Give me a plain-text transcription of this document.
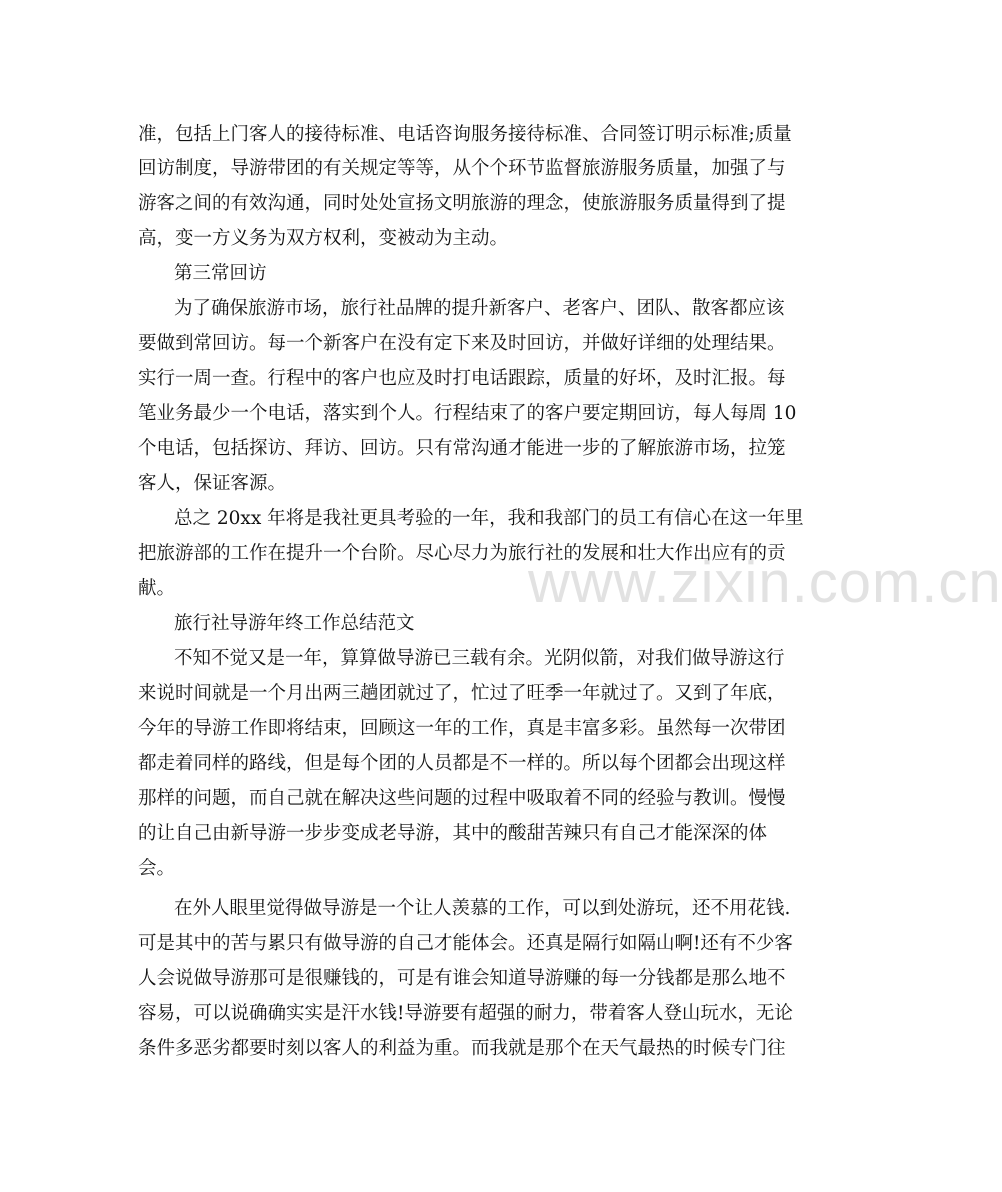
www.zixin.com.cn
准，包括上门客人的接待标准、电话咨询服务接待标准、合同签订明示标准;质量
回访制度，导游带团的有关规定等等，从个个环节监督旅游服务质量，加强了与
游客之间的有效沟通，同时处处宣扬文明旅游的理念，使旅游服务质量得到了提
高，变一方义务为双方权利，变被动为主动。
第三常回访
为了确保旅游市场，旅行社品牌的提升新客户、老客户、团队、散客都应该
要做到常回访。每一个新客户在没有定下来及时回访，并做好详细的处理结果。
实行一周一查。行程中的客户也应及时打电话跟踪，质量的好坏，及时汇报。每
笔业务最少一个电话，落实到个人。行程结束了的客户要定期回访，每人每周 10
个电话，包括探访、拜访、回访。只有常沟通才能进一步的了解旅游市场，拉笼
客人，保证客源。
总之 20xx 年将是我社更具考验的一年，我和我部门的员工有信心在这一年里
把旅游部的工作在提升一个台阶。尽心尽力为旅行社的发展和壮大作出应有的贡
献。
旅行社导游年终工作总结范文
不知不觉又是一年，算算做导游已三载有余。光阴似箭，对我们做导游这行
来说时间就是一个月出两三趟团就过了，忙过了旺季一年就过了。又到了年底，
今年的导游工作即将结束，回顾这一年的工作，真是丰富多彩。虽然每一次带团
都走着同样的路线，但是每个团的人员都是不一样的。所以每个团都会出现这样
那样的问题，而自己就在解决这些问题的过程中吸取着不同的经验与教训。慢慢
的让自己由新导游一步步变成老导游，其中的酸甜苦辣只有自己才能深深的体
会。
在外人眼里觉得做导游是一个让人羡慕的工作，可以到处游玩，还不用花钱.
可是其中的苦与累只有做导游的自己才能体会。还真是隔行如隔山啊!还有不少客
人会说做导游那可是很赚钱的，可是有谁会知道导游赚的每一分钱都是那么地不
容易，可以说确确实实是汗水钱!导游要有超强的耐力，带着客人登山玩水，无论
条件多恶劣都要时刻以客人的利益为重。而我就是那个在天气最热的时候专门往
